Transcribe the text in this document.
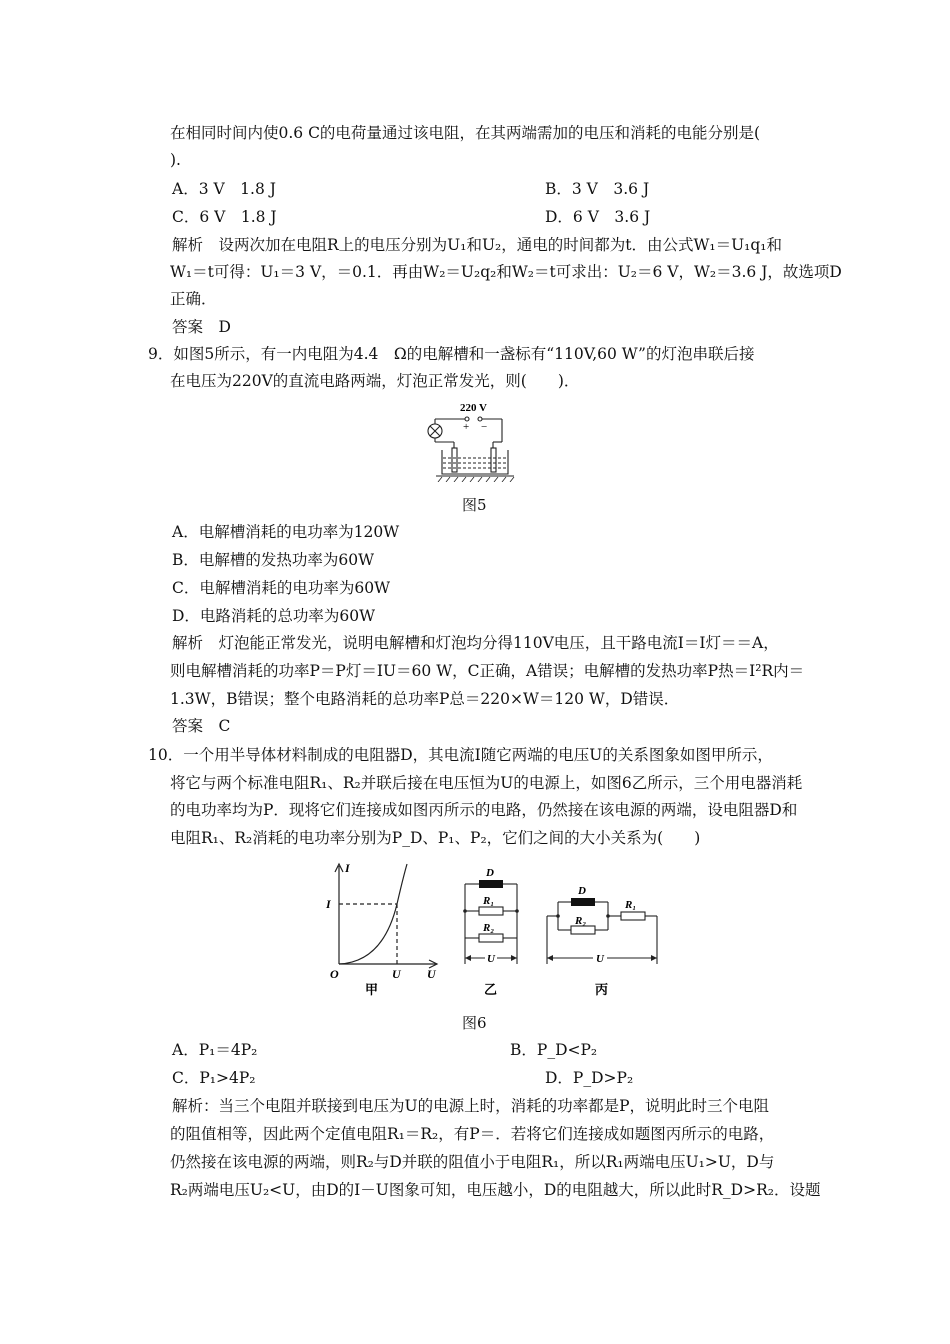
在相同时间内使0.6 C的电荷量通过该电阻，在其两端需加的电压和消耗的电能分别是(
).
A．3 V　1.8 J	B．3 V　3.6 J
C．6 V　1.8 J	D．6 V　3.6 J
解析　设两次加在电阻R上的电压分别为U₁和U₂，通电的时间都为t．由公式W₁＝U₁q₁和
W₁＝t可得：U₁＝3 V，＝0.1．再由W₂＝U₂q₂和W₂＝t可求出：U₂＝6 V，W₂＝3.6 J，故选项D
正确．
答案　D
9．如图5所示，有一内电阻为4.4　Ω的电解槽和一盏标有“110V,60 W”的灯泡串联后接
在电压为220V的直流电路两端，灯泡正常发光，则(　　)．
220 V
+ −
图5
A．电解槽消耗的电功率为120W
B．电解槽的发热功率为60W
C．电解槽消耗的电功率为60W
D．电路消耗的总功率为60W
解析　灯泡能正常发光，说明电解槽和灯泡均分得110V电压，且干路电流I＝I灯＝＝A，
则电解槽消耗的功率P＝P灯＝IU＝60 W，C正确，A错误；电解槽的发热功率P热＝I²R内＝
1.3W，B错误；整个电路消耗的总功率P总＝220×W＝120 W，D错误．
答案　C
10．一个用半导体材料制成的电阻器D，其电流I随它两端的电压U的关系图象如图甲所示，
将它与两个标准电阻R₁、R₂并联后接在电压恒为U的电源上，如图6乙所示，三个用电器消耗
的电功率均为P．现将它们连接成如图丙所示的电路，仍然接在该电源的两端，设电阻器D和
电阻R₁、R₂消耗的电功率分别为P_D、P₁、P₂，它们之间的大小关系为(　　)
I
I
O	U U
甲
D
R₁
R₂
U
乙
D
R₁
R₂
U
丙
图6
A．P₁＝4P₂	B．P_D<P₂
C．P₁>4P₂	D．P_D>P₂
解析：当三个电阻并联接到电压为U的电源上时，消耗的功率都是P，说明此时三个电阻
的阻值相等，因此两个定值电阻R₁＝R₂，有P＝．若将它们连接成如题图丙所示的电路，
仍然接在该电源的两端，则R₂与D并联的阻值小于电阻R₁，所以R₁两端电压U₁>U，D与
R₂两端电压U₂<U，由D的I－U图象可知，电压越小，D的电阻越大，所以此时R_D>R₂．设题
